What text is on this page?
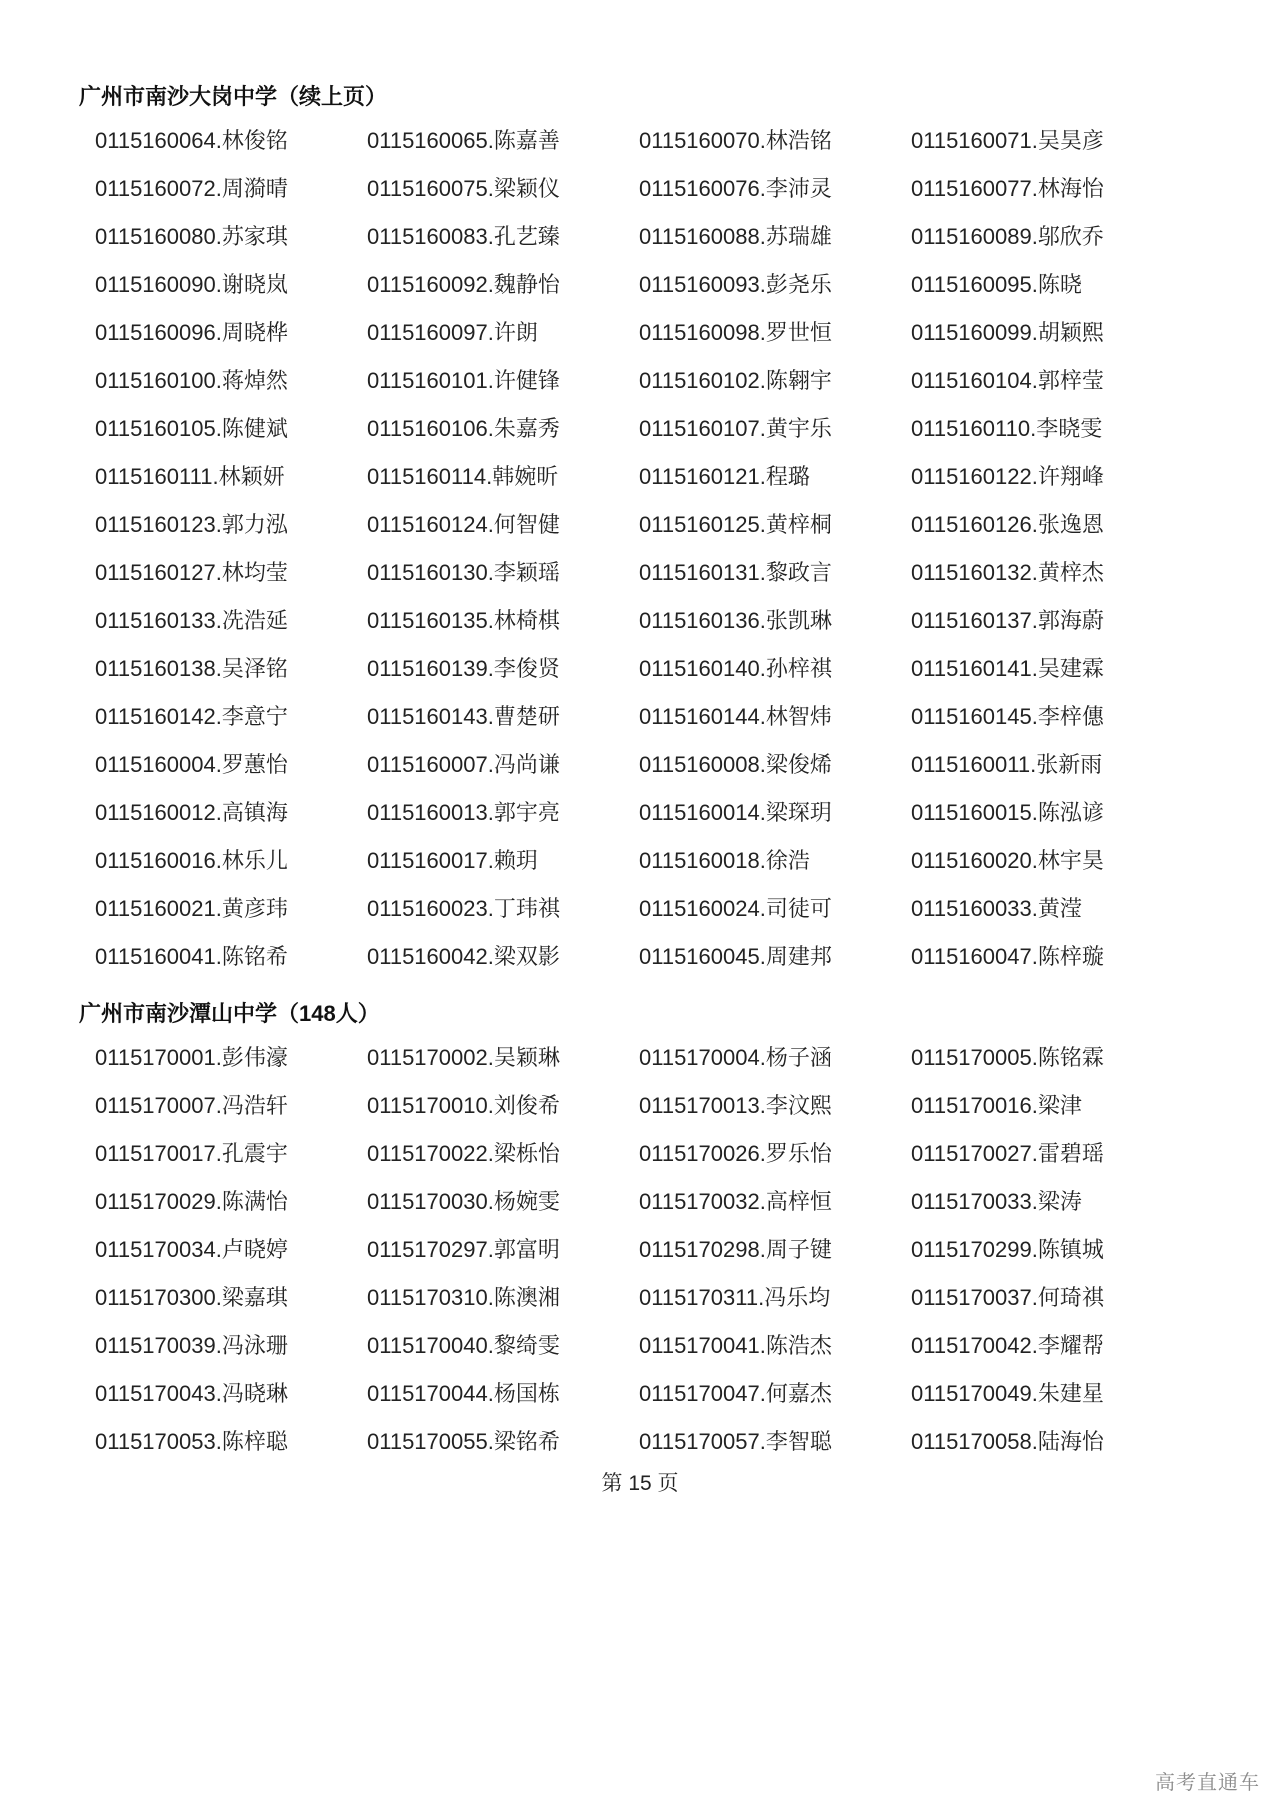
广州市南沙大岗中学（续上页）
0115160064.林俊铭	0115160065.陈嘉善	0115160070.林浩铭	0115160071.吴昊彦
0115160072.周漪晴	0115160075.梁颖仪	0115160076.李沛灵	0115160077.林海怡
0115160080.苏家琪	0115160083.孔艺臻	0115160088.苏瑞雄	0115160089.邬欣乔
0115160090.谢晓岚	0115160092.魏静怡	0115160093.彭尧乐	0115160095.陈晓
0115160096.周晓桦	0115160097.许朗	0115160098.罗世恒	0115160099.胡颖熙
0115160100.蒋焯然	0115160101.许健锋	0115160102.陈翱宇	0115160104.郭梓莹
0115160105.陈健斌	0115160106.朱嘉秀	0115160107.黄宇乐	0115160110.李晓雯
0115160111.林颖妍	0115160114.韩婉昕	0115160121.程璐	0115160122.许翔峰
0115160123.郭力泓	0115160124.何智健	0115160125.黄梓桐	0115160126.张逸恩
0115160127.林均莹	0115160130.李颖瑶	0115160131.黎政言	0115160132.黄梓杰
0115160133.冼浩延	0115160135.林椅棋	0115160136.张凯琳	0115160137.郭海蔚
0115160138.吴泽铭	0115160139.李俊贤	0115160140.孙梓祺	0115160141.吴建霖
0115160142.李意宁	0115160143.曹楚研	0115160144.林智炜	0115160145.李梓僡
0115160004.罗蕙怡	0115160007.冯尚谦	0115160008.梁俊烯	0115160011.张新雨
0115160012.高镇海	0115160013.郭宇亮	0115160014.梁琛玥	0115160015.陈泓谚
0115160016.林乐儿	0115160017.赖玥	0115160018.徐浩	0115160020.林宇昊
0115160021.黄彦玮	0115160023.丁玮祺	0115160024.司徒可	0115160033.黄滢
0115160041.陈铭希	0115160042.梁双影	0115160045.周建邦	0115160047.陈梓璇
广州市南沙潭山中学（148人）
0115170001.彭伟濠	0115170002.吴颖琳	0115170004.杨子涵	0115170005.陈铭霖
0115170007.冯浩轩	0115170010.刘俊希	0115170013.李汶熙	0115170016.梁津
0115170017.孔震宇	0115170022.梁栎怡	0115170026.罗乐怡	0115170027.雷碧瑶
0115170029.陈满怡	0115170030.杨婉雯	0115170032.高梓恒	0115170033.梁涛
0115170034.卢晓婷	0115170297.郭富明	0115170298.周子键	0115170299.陈镇城
0115170300.梁嘉琪	0115170310.陈澳湘	0115170311.冯乐均	0115170037.何琦祺
0115170039.冯泳珊	0115170040.黎绮雯	0115170041.陈浩杰	0115170042.李耀帮
0115170043.冯晓琳	0115170044.杨国栋	0115170047.何嘉杰	0115170049.朱建星
0115170053.陈梓聪	0115170055.梁铭希	0115170057.李智聪	0115170058.陆海怡
第 15 页
高考直通车
